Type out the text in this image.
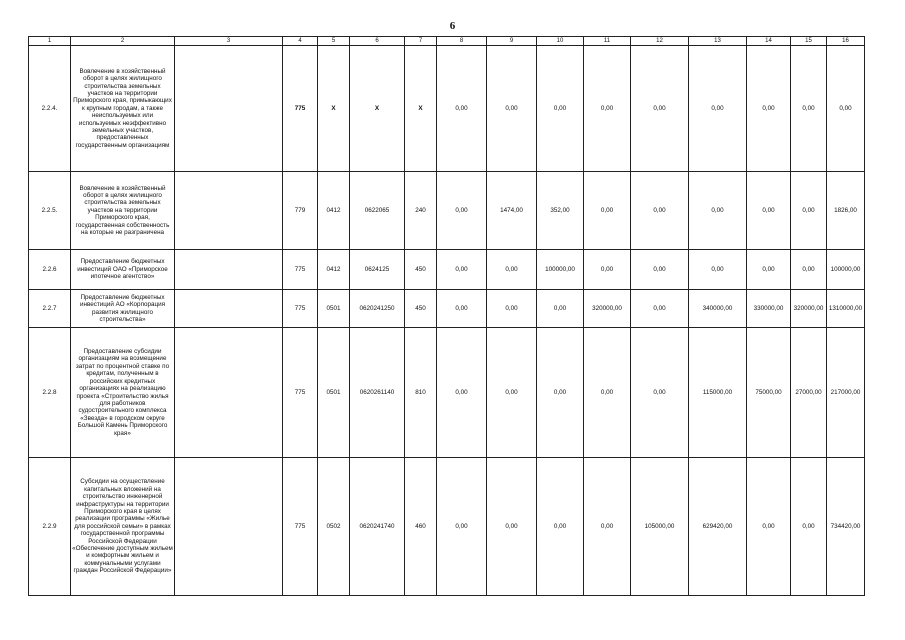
6
1	2	3	4	5	6	7	8	9	10	11	12	13	14	15	16
2.2.4.	Вовлечение в хозяйственный оборот в целях жилищного строительства земельных участков на территории Приморского края, примыкающих к крупным городам, а также неиспользуемых или используемых неэффективно земельных участков, предоставленных государственным организациям		775	X	X	X	0,00	0,00	0,00	0,00	0,00	0,00	0,00	0,00	0,00
2.2.5.	Вовлечение в хозяйственный оборот в целях жилищного строительства земельных участков на территории Приморского края, государственная собственность на которые не разграничена		779	0412	0622065	240	0,00	1474,00	352,00	0,00	0,00	0,00	0,00	0,00	1826,00
2.2.6	Предоставление бюджетных инвестиций ОАО «Приморское ипотечное агентство»		775	0412	0624125	450	0,00	0,00	100000,00	0,00	0,00	0,00	0,00	0,00	100000,00
2.2.7	Предоставление бюджетных инвестиций АО «Корпорация развития жилищного строительства»		775	0501	0620241250	450	0,00	0,00	0,00	320000,00	0,00	340000,00	330000,00	320000,00	1310000,00
2.2.8	Предоставление субсидии организациям на возмещение затрат по процентной ставке по кредитам, полученным в российских кредитных организациях на реализацию проекта «Строительство жилья для работников судостроительного комплекса «Звезда» в городском округе Большой Камень Приморского края»		775	0501	0620261140	810	0,00	0,00	0,00	0,00	0,00	115000,00	75000,00	27000,00	217000,00
2.2.9	Субсидии на осуществление капитальных вложений на строительство инженерной инфраструктуры на территории Приморского края в целях реализации программы «Жилье для российской семьи» в рамках государственной программы Российской Федерации «Обеспечение доступным жильем и комфортным жильем и коммунальными услугами граждан Российской Федерации»		775	0502	0620241740	460	0,00	0,00	0,00	0,00	105000,00	629420,00	0,00	0,00	734420,00
